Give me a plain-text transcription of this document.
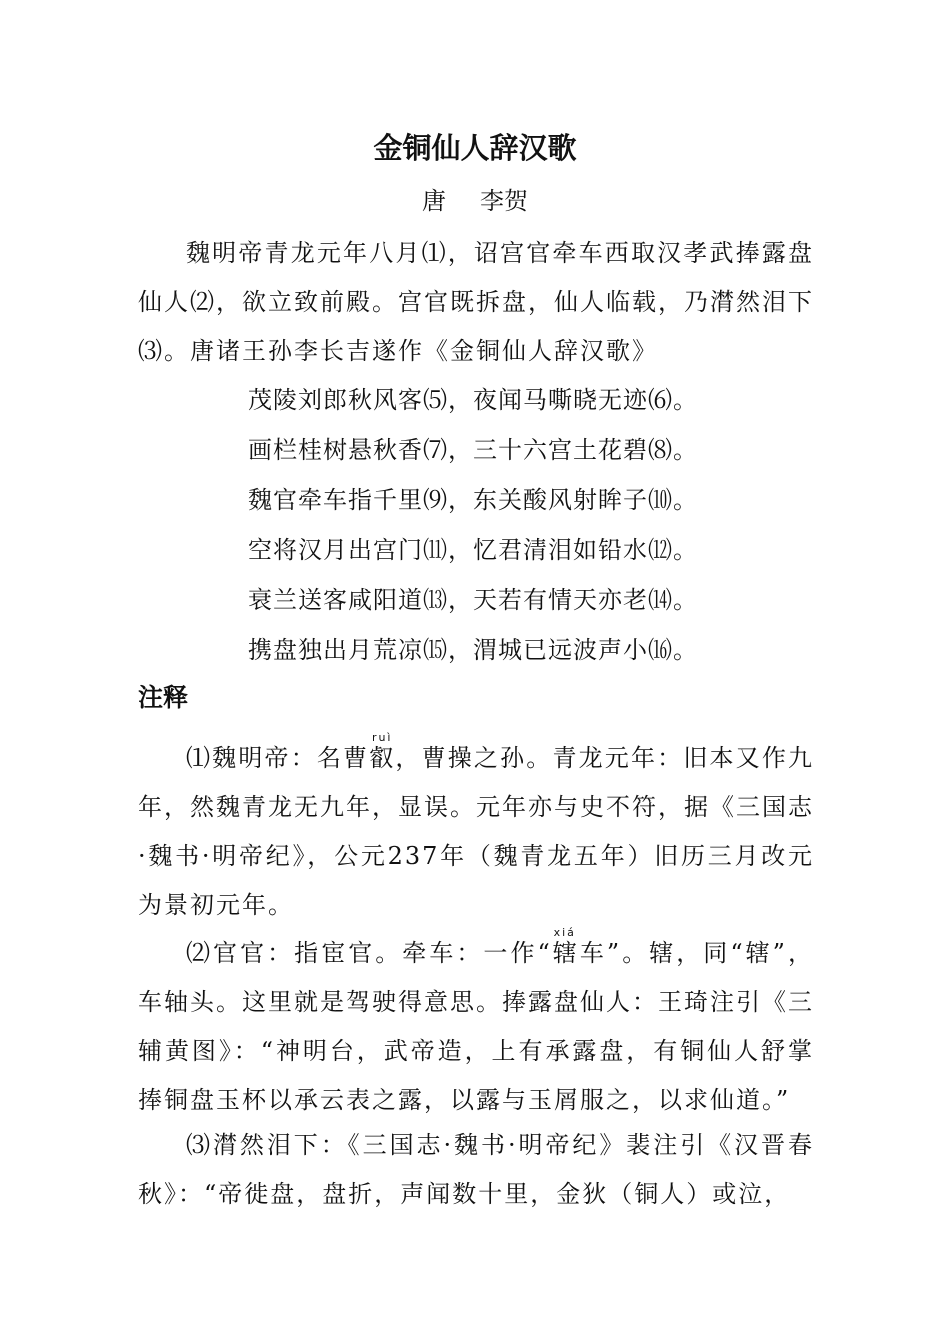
金铜仙人辞汉歌
唐 李贺
魏明帝青龙元年八月⑴，诏宫官牵车西取汉孝武捧露盘仙人⑵，欲立致前殿。宫官既拆盘，仙人临载，乃潸然泪下⑶。唐诸王孙李长吉遂作《金铜仙人辞汉歌》
茂陵刘郎秋风客⑸，夜闻马嘶晓无迹⑹。
画栏桂树悬秋香⑺，三十六宫土花碧⑻。
魏官牵车指千里⑼，东关酸风射眸子⑽。
空将汉月出宫门⑾，忆君清泪如铅水⑿。
衰兰送客咸阳道⒀，天若有情天亦老⒁。
携盘独出月荒凉⒂，渭城已远波声小⒃。
注释
⑴魏明帝：名曹叡ruì，曹操之孙。青龙元年：旧本又作九年，然魏青龙无九年，显误。元年亦与史不符，据《三国志·魏书·明帝纪》，公元237年（魏青龙五年）旧历三月改元为景初元年。
⑵官官：指宦官。牵车：一作“辖xiá车”。辖，同“辖”，车轴头。这里就是驾驶得意思。捧露盘仙人：王琦注引《三辅黄图》：“神明台，武帝造，上有承露盘，有铜仙人舒掌捧铜盘玉杯以承云表之露，以露与玉屑服之，以求仙道。”
⑶潸然泪下：《三国志·魏书·明帝纪》裴注引《汉晋春秋》：“帝徙盘，盘折，声闻数十里，金狄（铜人）或泣，
